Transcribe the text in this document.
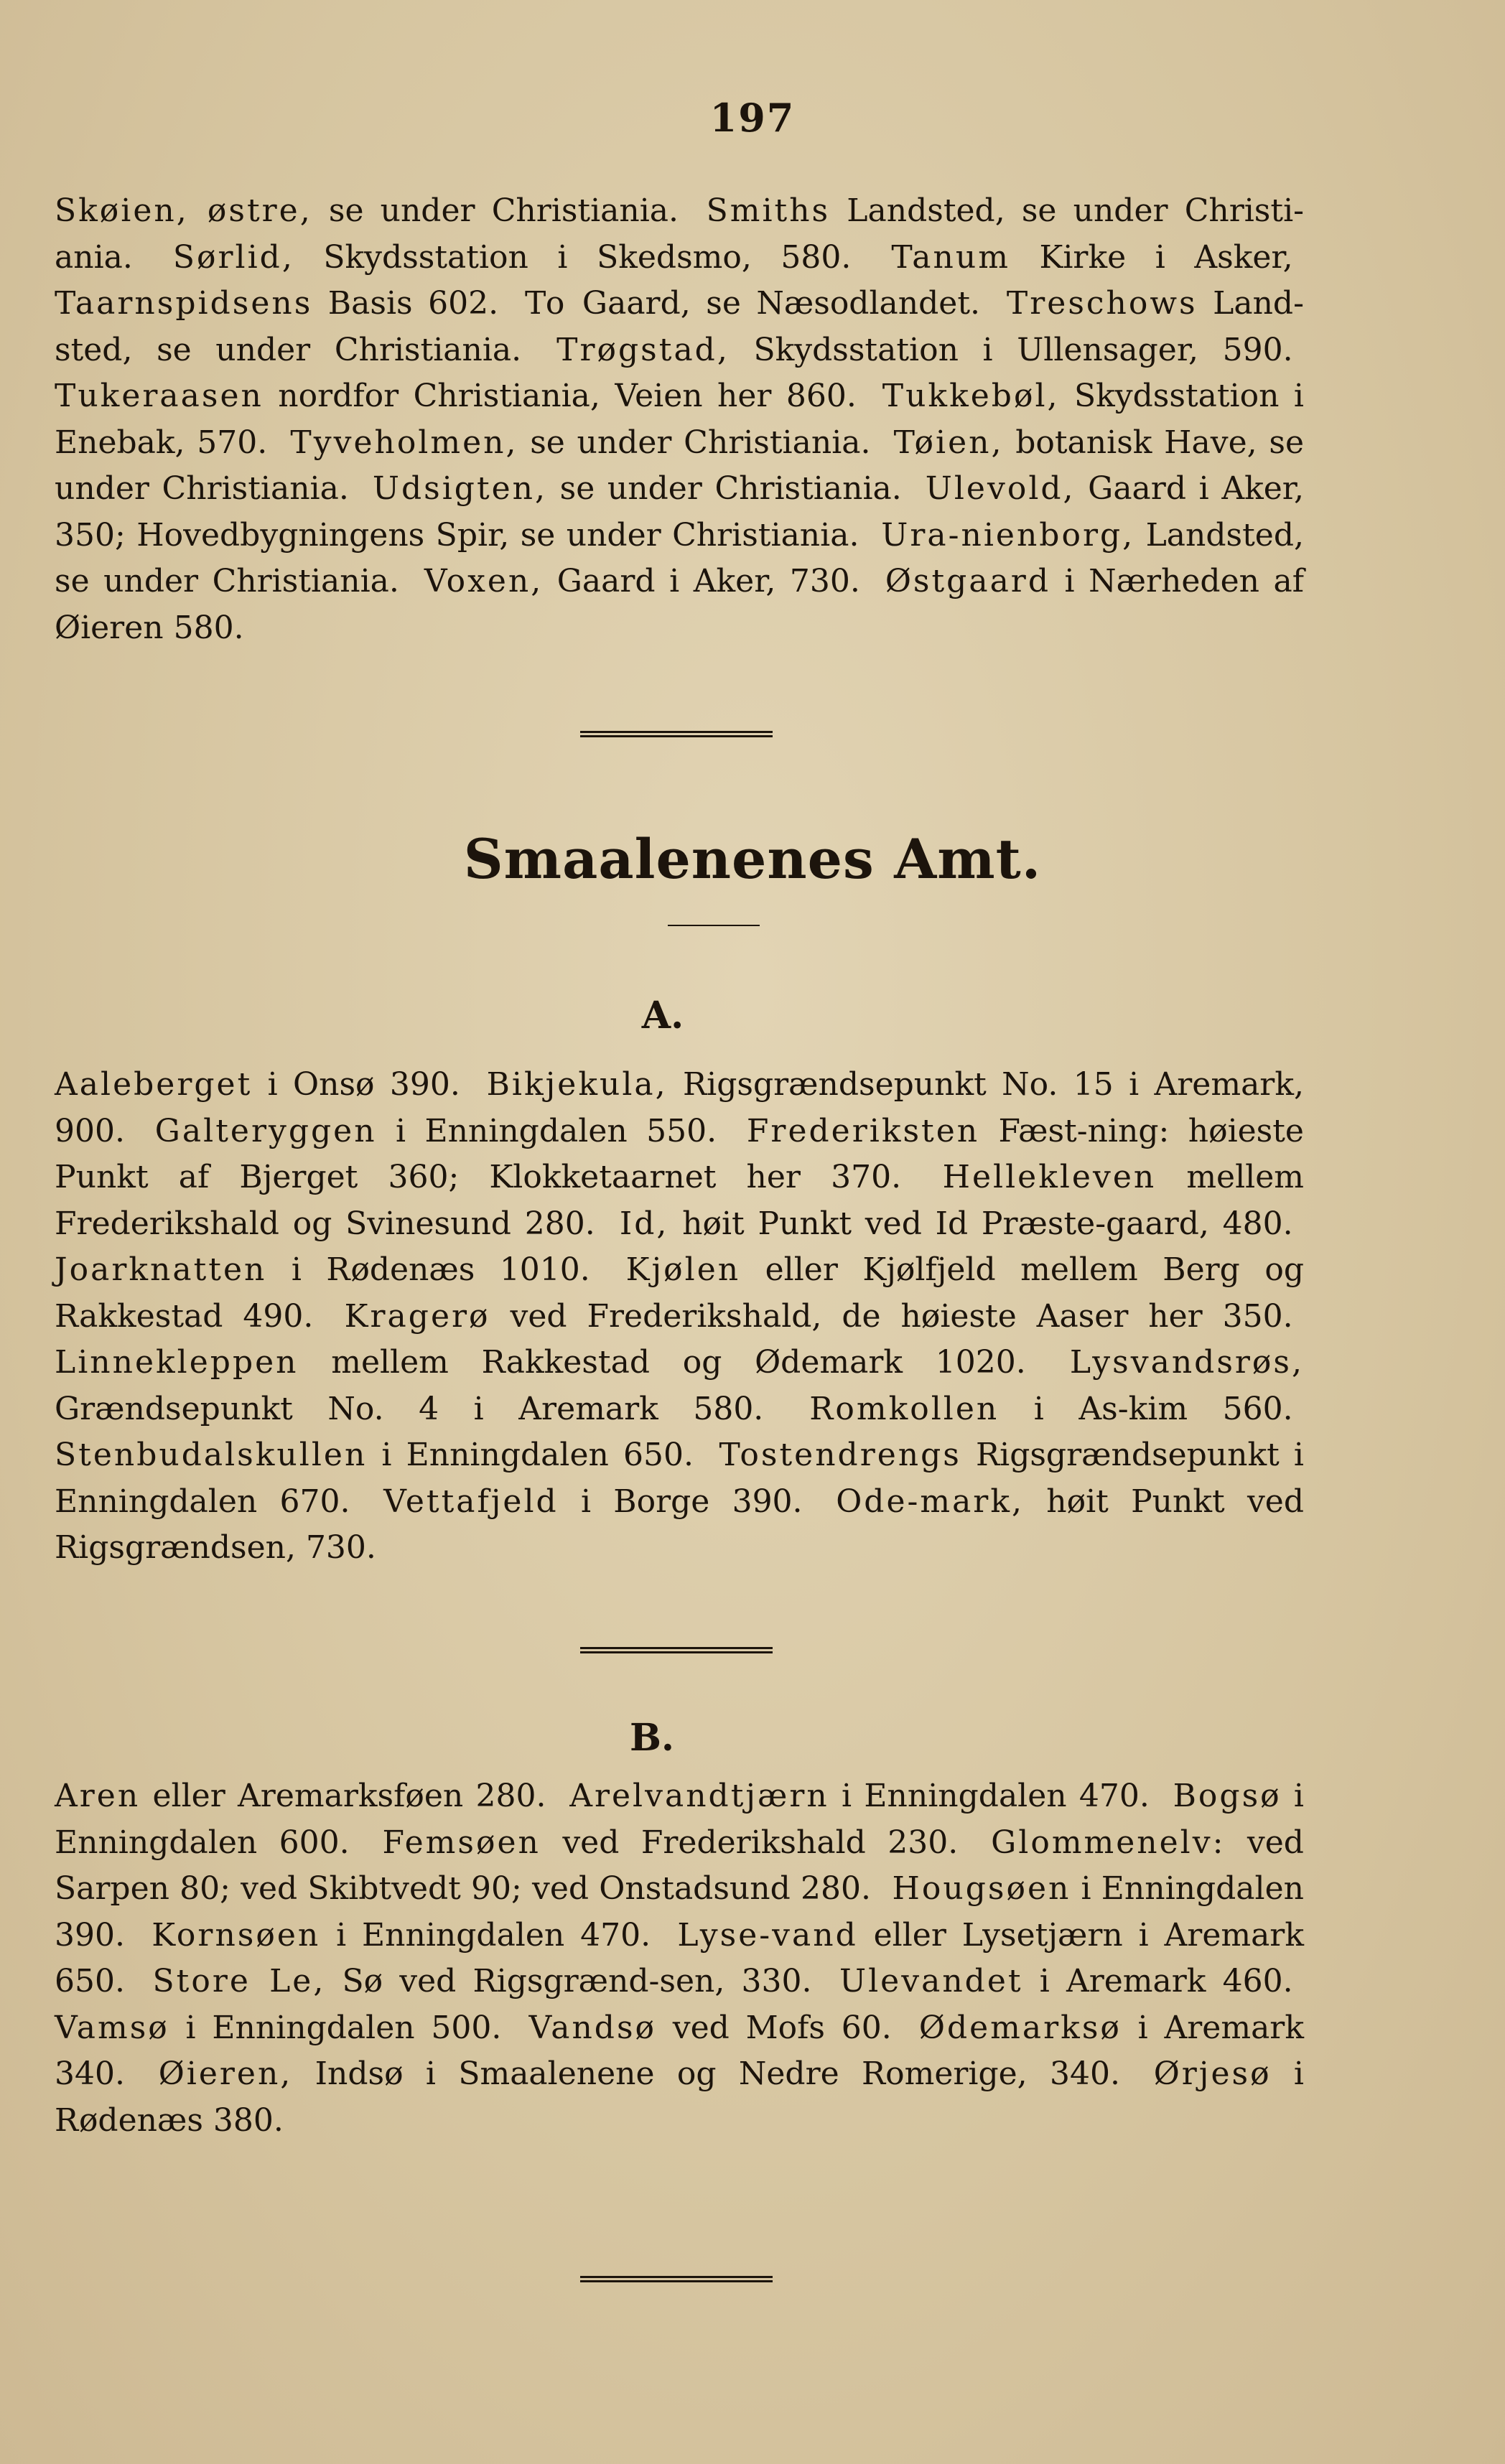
197
Skøien, østre, se under Christiania. Smiths Landsted, se under Christi-ania. Sørlid, Skydsstation i Skedsmo, 580. Tanum Kirke i Asker, Taarnspidsens Basis 602. To Gaard, se Næsodlandet. Treschows Land-sted, se under Christiania. Trøgstad, Skydsstation i Ullensager, 590. Tukeraasen nordfor Christiania, Veien her 860. Tukkebøl, Skydsstation i Enebak, 570. Tyveholmen, se under Christiania. Tøien, botanisk Have, se under Christiania. Udsigten, se under Christiania. Ulevold, Gaard i Aker, 350; Hovedbygningens Spir, se under Christiania. Ura-nienborg, Landsted, se under Christiania. Voxen, Gaard i Aker, 730. Østgaard i Nærheden af Øieren 580.
Smaalenenes Amt.
A.
Aaleberget i Onsø 390. Bikjekula, Rigsgrændsepunkt No. 15 i Aremark, 900. Galteryggen i Enningdalen 550. Frederiksten Fæst-ning: høieste Punkt af Bjerget 360; Klokketaarnet her 370. Hellekleven mellem Frederikshald og Svinesund 280. Id, høit Punkt ved Id Præste-gaard, 480. Joarknatten i Rødenæs 1010. Kjølen eller Kjølfjeld mellem Berg og Rakkestad 490. Kragerø ved Frederikshald, de høieste Aaser her 350. Linnekleppen mellem Rakkestad og Ødemark 1020. Lysvandsrøs, Grændsepunkt No. 4 i Aremark 580. Romkollen i As-kim 560. Stenbudalskullen i Enningdalen 650. Tostendrengs Rigsgrændsepunkt i Enningdalen 670. Vettafjeld i Borge 390. Ode-mark, høit Punkt ved Rigsgrændsen, 730.
B.
Aren eller Aremarksføen 280. Arelvandtjærn i Enningdalen 470. Bogsø i Enningdalen 600. Femsøen ved Frederikshald 230. Glommenelv: ved Sarpen 80; ved Skibtvedt 90; ved Onstadsund 280. Hougsøen i Enningdalen 390. Kornsøen i Enningdalen 470. Lyse-vand eller Lysetjærn i Aremark 650. Store Le, Sø ved Rigsgrænd-sen, 330. Ulevandet i Aremark 460. Vamsø i Enningdalen 500. Vandsø ved Mofs 60. Ødemarksø i Aremark 340. Øieren, Indsø i Smaalenene og Nedre Romerige, 340. Ørjesø i Rødenæs 380.
